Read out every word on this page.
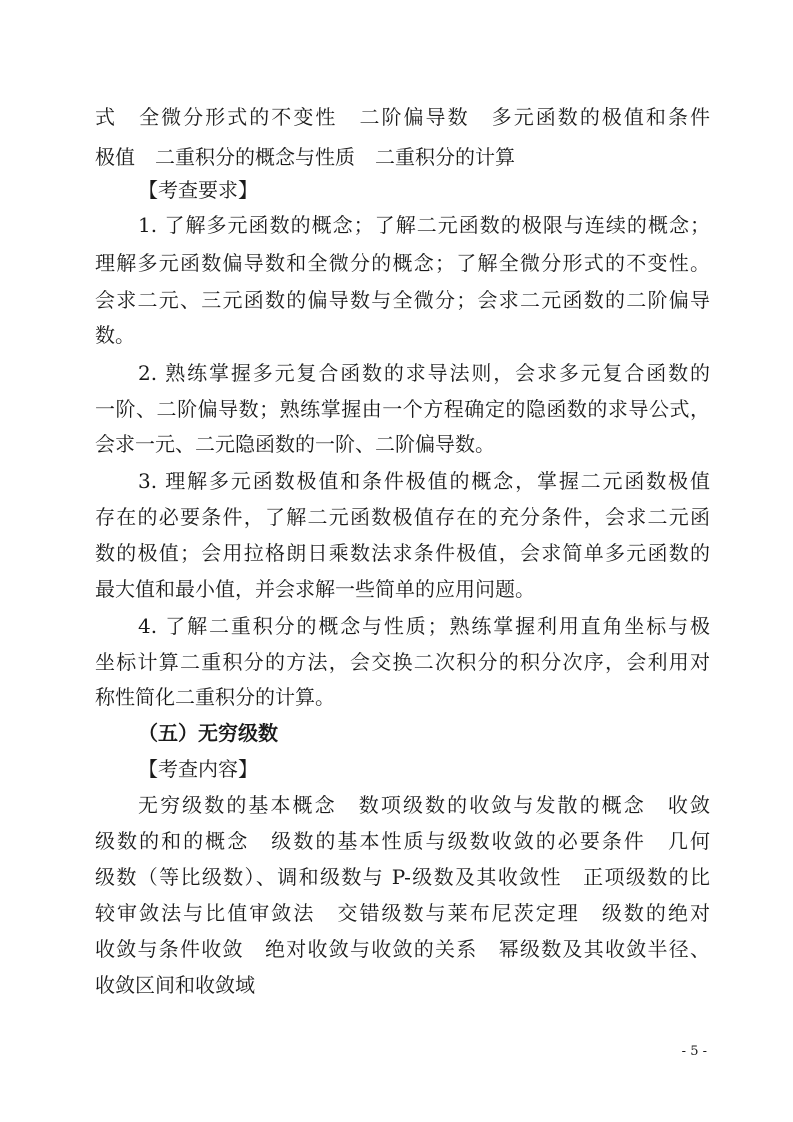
式　全微分形式的不变性　二阶偏导数　多元函数的极值和条件
极值　二重积分的概念与性质　二重积分的计算
【考查要求】
1. 了解多元函数的概念；了解二元函数的极限与连续的概念；
理解多元函数偏导数和全微分的概念；了解全微分形式的不变性。
会求二元、三元函数的偏导数与全微分；会求二元函数的二阶偏导
数。
2. 熟练掌握多元复合函数的求导法则，会求多元复合函数的
一阶、二阶偏导数；熟练掌握由一个方程确定的隐函数的求导公式，
会求一元、二元隐函数的一阶、二阶偏导数。
3. 理解多元函数极值和条件极值的概念，掌握二元函数极值
存在的必要条件，了解二元函数极值存在的充分条件，会求二元函
数的极值；会用拉格朗日乘数法求条件极值，会求简单多元函数的
最大值和最小值，并会求解一些简单的应用问题。
4. 了解二重积分的概念与性质；熟练掌握利用直角坐标与极
坐标计算二重积分的方法，会交换二次积分的积分次序，会利用对
称性简化二重积分的计算。
（五）无穷级数
【考查内容】
无穷级数的基本概念　数项级数的收敛与发散的概念　收敛
级数的和的概念　级数的基本性质与级数收敛的必要条件　几何
级数（等比级数）、调和级数与 P-级数及其收敛性　正项级数的比
较审敛法与比值审敛法　交错级数与莱布尼茨定理　级数的绝对
收敛与条件收敛　绝对收敛与收敛的关系　幂级数及其收敛半径、
收敛区间和收敛域
- 5 -
